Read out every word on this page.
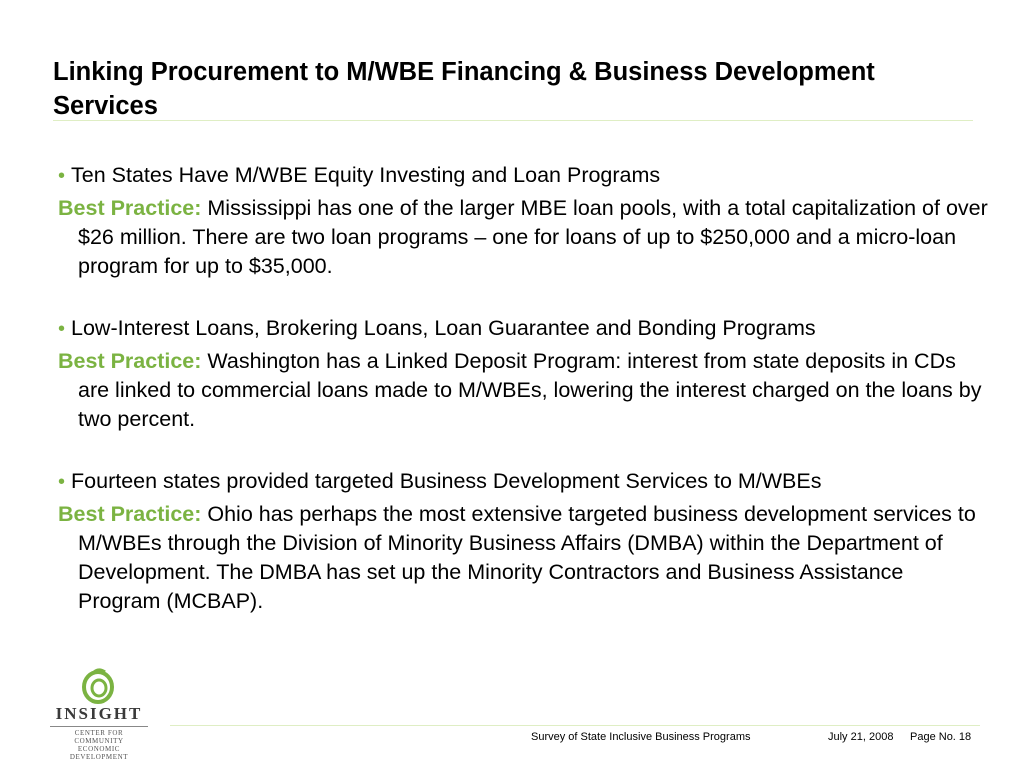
Linking Procurement to M/WBE Financing & Business Development Services
• Ten States Have M/WBE Equity Investing and Loan Programs
Best Practice: Mississippi has one of the larger MBE loan pools, with a total capitalization of over $26 million. There are two loan programs – one for loans of up to $250,000 and a micro-loan program for up to $35,000.
• Low-Interest Loans, Brokering Loans, Loan Guarantee and Bonding Programs
Best Practice: Washington has a Linked Deposit Program: interest from state deposits in CDs are linked to commercial loans made to M/WBEs, lowering the interest charged on the loans by two percent.
• Fourteen states provided targeted Business Development Services to M/WBEs
Best Practice: Ohio has perhaps the most extensive targeted business development services to M/WBEs through the Division of Minority Business Affairs (DMBA) within the Department of Development. The DMBA has set up the Minority Contractors and Business Assistance Program (MCBAP).
INSIGHT
CENTER FOR COMMUNITY
ECONOMIC DEVELOPMENT
Survey of State Inclusive Business Programs	July 21, 2008 Page No. 18
